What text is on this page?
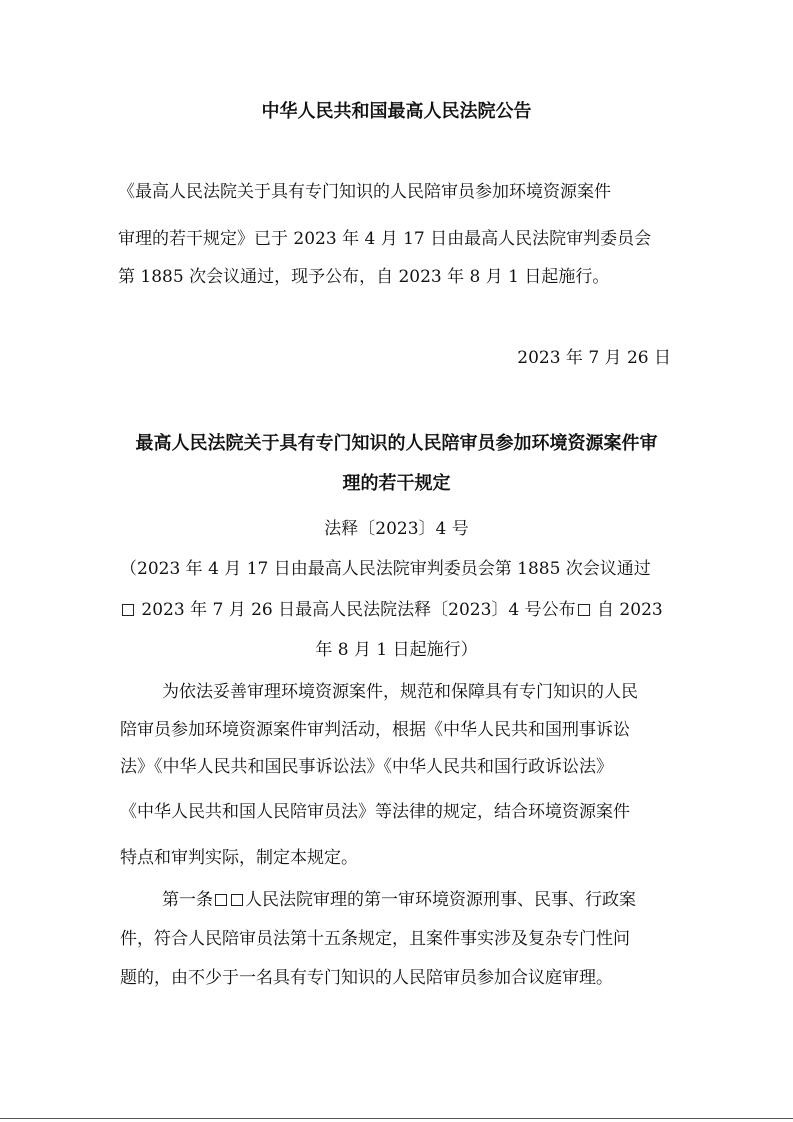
中华人民共和国最高人民法院公告
《最高人民法院关于具有专门知识的人民陪审员参加环境资源案件
审理的若干规定》已于 2023 年 4 月 17 日由最高人民法院审判委员会
第 1885 次会议通过，现予公布，自 2023 年 8 月 1 日起施行。
2023 年 7 月 26 日
最高人民法院关于具有专门知识的人民陪审员参加环境资源案件审
理的若干规定
法释〔2023〕4 号
（2023 年 4 月 17 日由最高人民法院审判委员会第 1885 次会议通过
2023 年 7 月 26 日最高人民法院法释〔2023〕4 号公布 自 2023
年 8 月 1 日起施行）
为依法妥善审理环境资源案件，规范和保障具有专门知识的人民
陪审员参加环境资源案件审判活动，根据《中华人民共和国刑事诉讼
法》《中华人民共和国民事诉讼法》《中华人民共和国行政诉讼法》
《中华人民共和国人民陪审员法》等法律的规定，结合环境资源案件
特点和审判实际，制定本规定。
第一条 人民法院审理的第一审环境资源刑事、民事、行政案
件，符合人民陪审员法第十五条规定，且案件事实涉及复杂专门性问
题的，由不少于一名具有专门知识的人民陪审员参加合议庭审理。
